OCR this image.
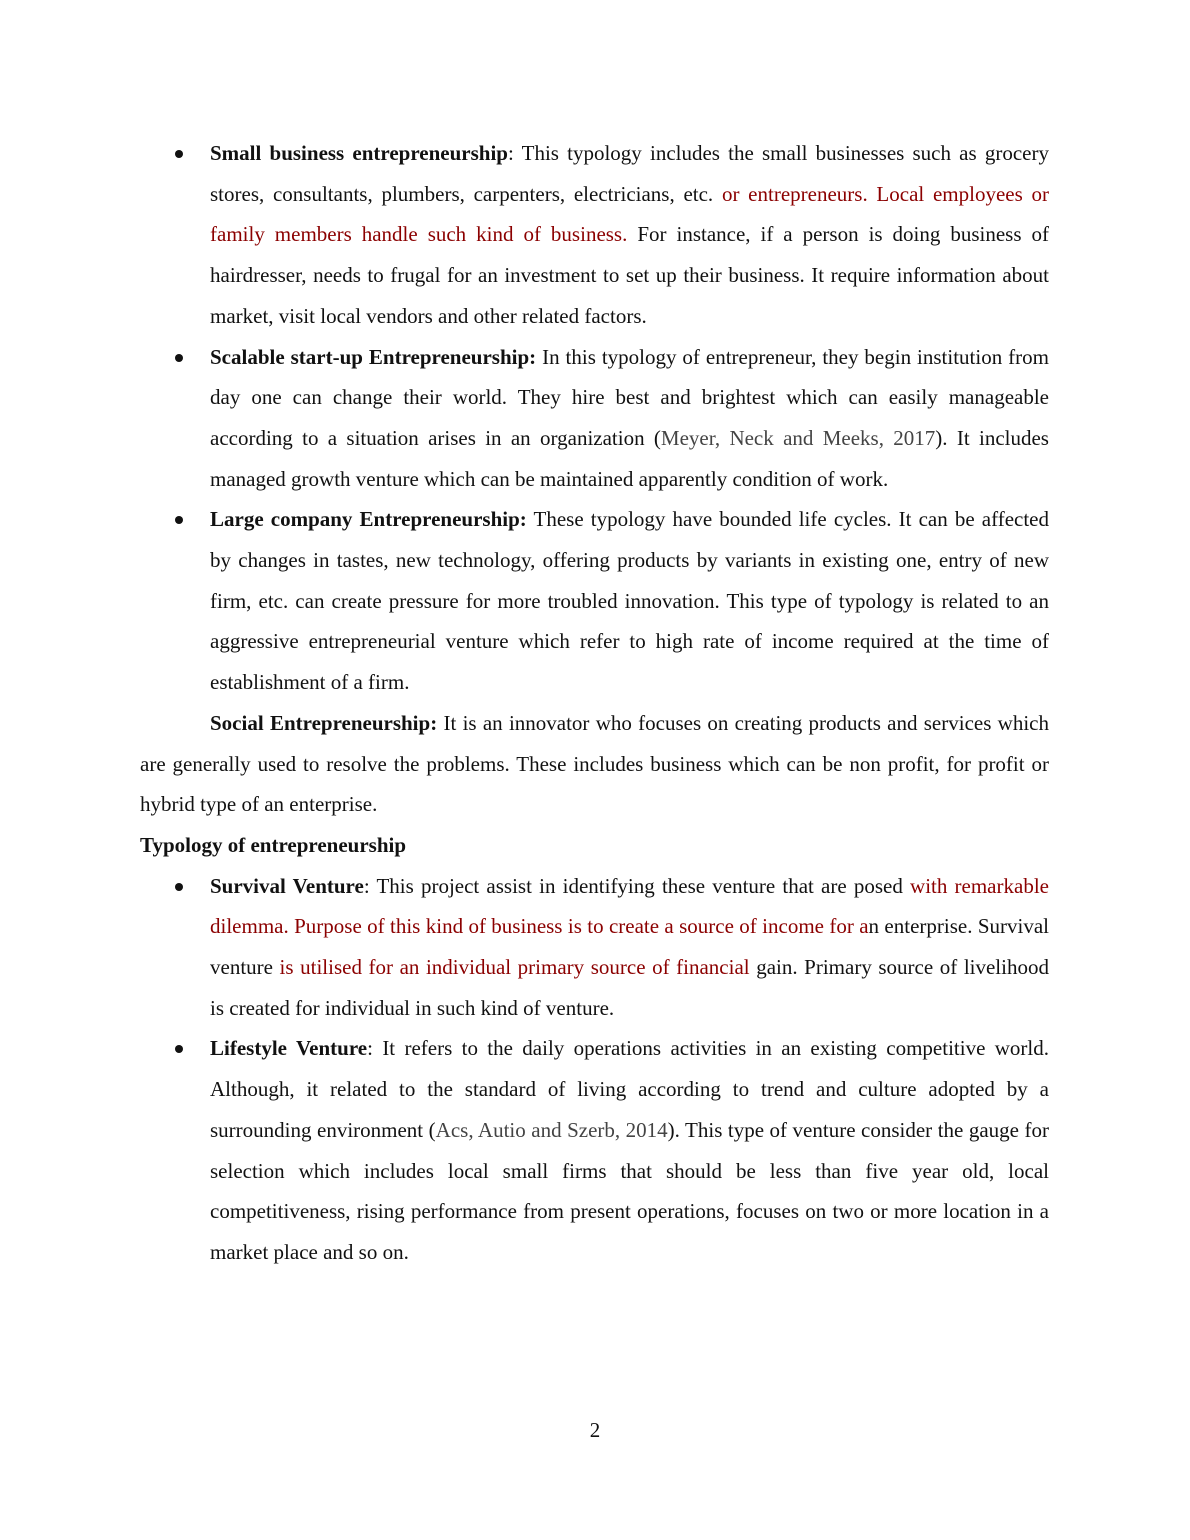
Small business entrepreneurship: This typology includes the small businesses such as grocery stores, consultants, plumbers, carpenters, electricians, etc. or entrepreneurs. Local employees or family members handle such kind of business. For instance, if a person is doing business of hairdresser, needs to frugal for an investment to set up their business. It require information about market, visit local vendors and other related factors.
Scalable start-up Entrepreneurship: In this typology of entrepreneur, they begin institution from day one can change their world. They hire best and brightest which can easily manageable according to a situation arises in an organization (Meyer, Neck and Meeks, 2017). It includes managed growth venture which can be maintained apparently condition of work.
Large company Entrepreneurship: These typology have bounded life cycles. It can be affected by changes in tastes, new technology, offering products by variants in existing one, entry of new firm, etc. can create pressure for more troubled innovation. This type of typology is related to an aggressive entrepreneurial venture which refer to high rate of income required at the time of establishment of a firm.

Social Entrepreneurship: It is an innovator who focuses on creating products and services which are generally used to resolve the problems. These includes business which can be non profit, for profit or hybrid type of an enterprise.

Typology of entrepreneurship

Survival Venture: This project assist in identifying these venture that are posed with remarkable dilemma. Purpose of this kind of business is to create a source of income for an enterprise. Survival venture is utilised for an individual primary source of financial gain. Primary source of livelihood is created for individual in such kind of venture.
Lifestyle Venture: It refers to the daily operations activities in an existing competitive world. Although, it related to the standard of living according to trend and culture adopted by a surrounding environment (Acs, Autio and Szerb, 2014). This type of venture consider the gauge for selection which includes local small firms that should be less than five year old, local competitiveness, rising performance from present operations, focuses on two or more location in a market place and so on.
2
